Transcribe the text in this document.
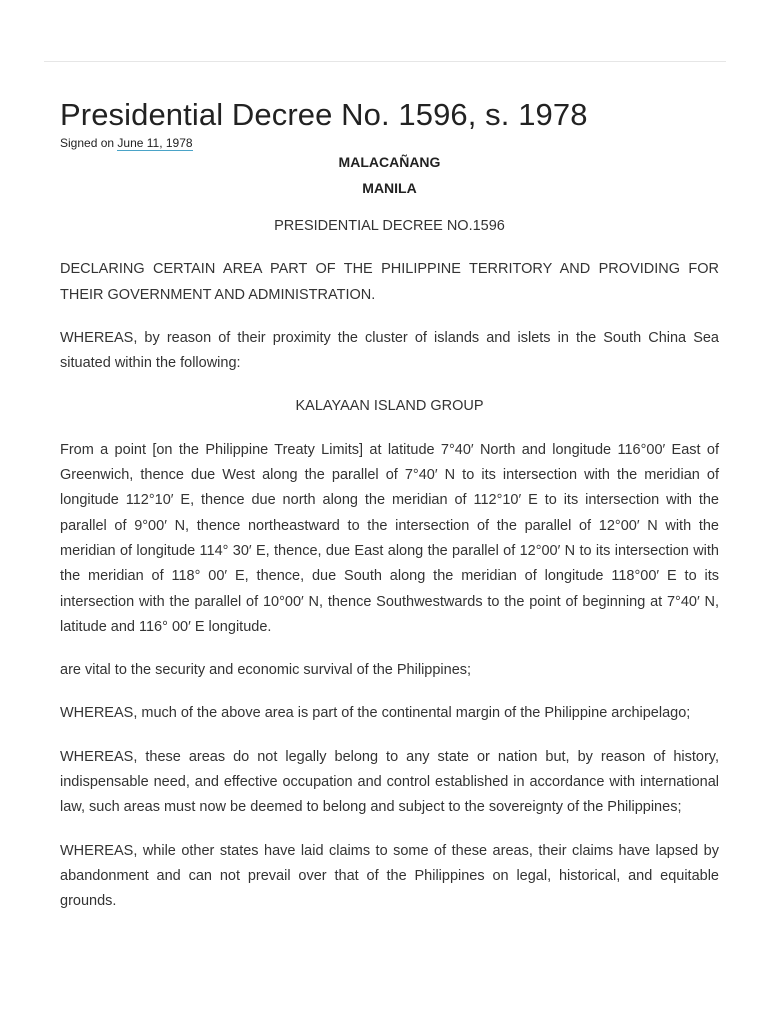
Presidential Decree No. 1596, s. 1978
Signed on June 11, 1978
MALACAÑANG
MANILA

PRESIDENTIAL DECREE NO.1596

DECLARING CERTAIN AREA PART OF THE PHILIPPINE TERRITORY AND PROVIDING FOR THEIR GOVERNMENT AND ADMINISTRATION.

WHEREAS, by reason of their proximity the cluster of islands and islets in the South China Sea situated within the following:

KALAYAAN ISLAND GROUP

From a point [on the Philippine Treaty Limits] at latitude 7°40′ North and longitude 116°00′ East of Greenwich, thence due West along the parallel of 7°40′ N to its intersection with the meridian of longitude 112°10′ E, thence due north along the meridian of 112°10′ E to its intersection with the parallel of 9°00′ N, thence northeastward to the intersection of the parallel of 12°00′ N with the meridian of longitude 114° 30′ E, thence, due East along the parallel of 12°00′ N to its intersection with the meridian of 118° 00′ E, thence, due South along the meridian of longitude 118°00′ E to its intersection with the parallel of 10°00′ N, thence Southwestwards to the point of beginning at 7°40′ N, latitude and 116° 00′ E longitude.

are vital to the security and economic survival of the Philippines;

WHEREAS, much of the above area is part of the continental margin of the Philippine archipelago;

WHEREAS, these areas do not legally belong to any state or nation but, by reason of history, indispensable need, and effective occupation and control established in accordance with international law, such areas must now be deemed to belong and subject to the sovereignty of the Philippines;

WHEREAS, while other states have laid claims to some of these areas, their claims have lapsed by abandonment and can not prevail over that of the Philippines on legal, historical, and equitable grounds.
